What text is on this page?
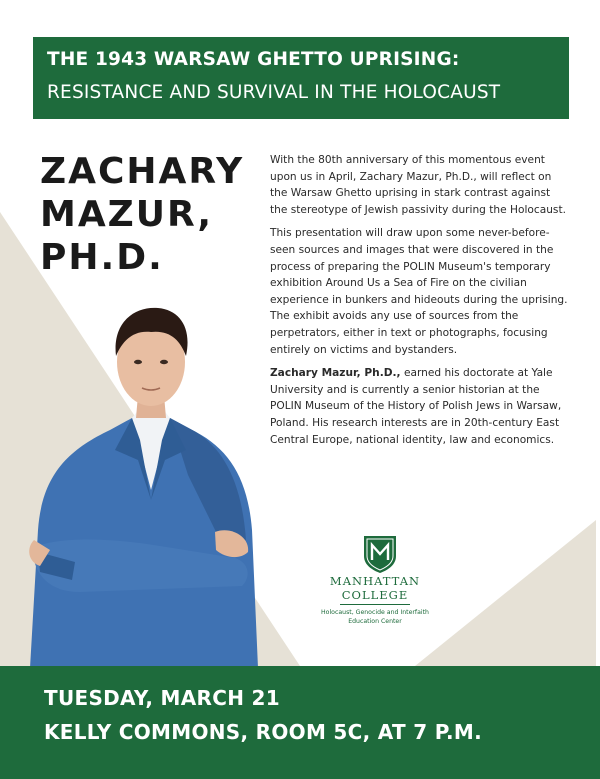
THE 1943 WARSAW GHETTO UPRISING:
RESISTANCE AND SURVIVAL IN THE HOLOCAUST
ZACHARY
MAZUR,
PH.D.

With the 80th anniversary of this momentous event upon us in April, Zachary Mazur, Ph.D., will reflect on the Warsaw Ghetto uprising in stark contrast against the stereotype of Jewish passivity during the Holocaust.

This presentation will draw upon some never-before-seen sources and images that were discovered in the process of preparing the POLIN Museum's temporary exhibition Around Us a Sea of Fire on the civilian experience in bunkers and hideouts during the uprising. The exhibit avoids any use of sources from the perpetrators, either in text or photographs, focusing entirely on victims and bystanders.

Zachary Mazur, Ph.D., earned his doctorate at Yale University and is currently a senior historian at the POLIN Museum of the History of Polish Jews in Warsaw, Poland. His research interests are in 20th-century East Central Europe, national identity, law and economics.

MANHATTAN
COLLEGE
Holocaust, Genocide and Interfaith
Education Center
TUESDAY, MARCH 21
KELLY COMMONS, ROOM 5C, AT 7 P.M.
